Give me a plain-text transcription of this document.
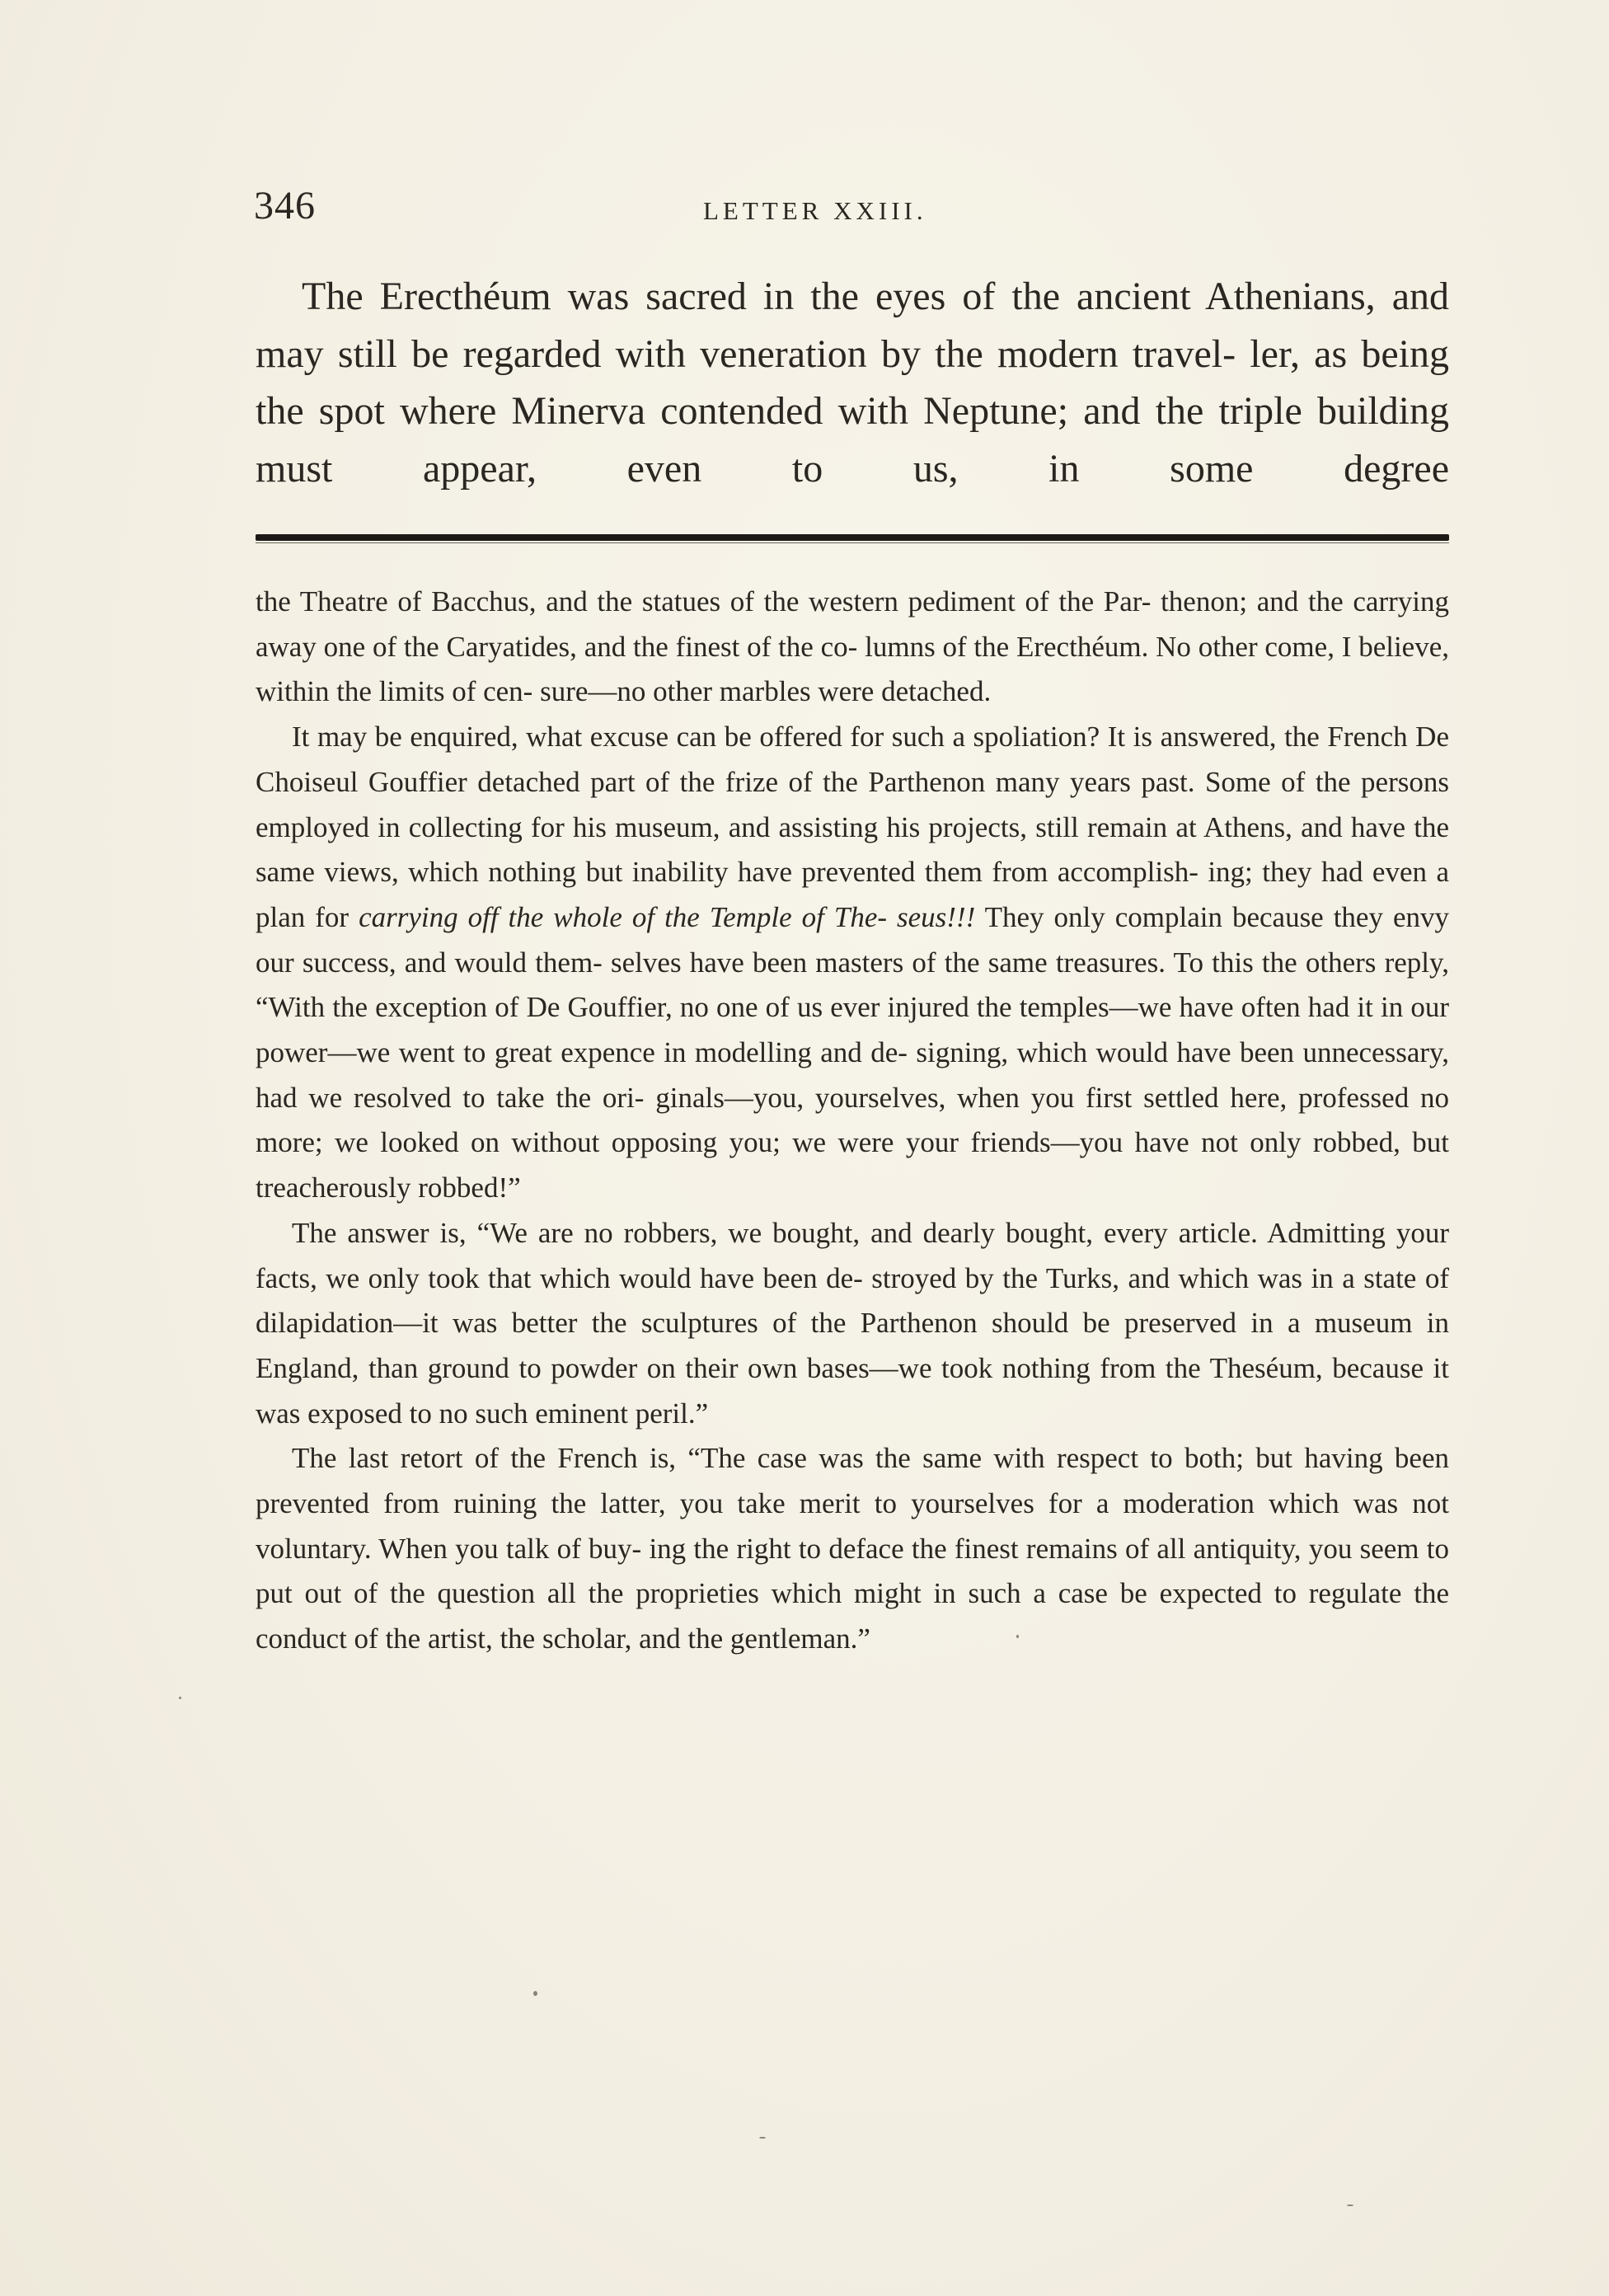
346	LETTER XXIII.

The Erecthéum was sacred in the eyes of the ancient Athenians, and may still be regarded with veneration by the modern travel- ler, as being the spot where Minerva contended with Neptune; and the triple building must appear, even to us, in some degree

the Theatre of Bacchus, and the statues of the western pediment of the Par- thenon; and the carrying away one of the Caryatides, and the finest of the co- lumns of the Erecthéum. No other come, I believe, within the limits of cen- sure—no other marbles were detached.

It may be enquired, what excuse can be offered for such a spoliation? It is answered, the French De Choiseul Gouffier detached part of the frize of the Parthenon many years past. Some of the persons employed in collecting for his museum, and assisting his projects, still remain at Athens, and have the same views, which nothing but inability have prevented them from accomplish- ing; they had even a plan for carrying off the whole of the Temple of The- seus!!! They only complain because they envy our success, and would them- selves have been masters of the same treasures. To this the others reply, “With the exception of De Gouffier, no one of us ever injured the temples—we have often had it in our power—we went to great expence in modelling and de- signing, which would have been unnecessary, had we resolved to take the ori- ginals—you, yourselves, when you first settled here, professed no more; we looked on without opposing you; we were your friends—you have not only robbed, but treacherously robbed!”

The answer is, “We are no robbers, we bought, and dearly bought, every article. Admitting your facts, we only took that which would have been de- stroyed by the Turks, and which was in a state of dilapidation—it was better the sculptures of the Parthenon should be preserved in a museum in England, than ground to powder on their own bases—we took nothing from the Theséum, because it was exposed to no such eminent peril.”

The last retort of the French is, “The case was the same with respect to both; but having been prevented from ruining the latter, you take merit to yourselves for a moderation which was not voluntary. When you talk of buy- ing the right to deface the finest remains of all antiquity, you seem to put out of the question all the proprieties which might in such a case be expected to regulate the conduct of the artist, the scholar, and the gentleman.”
